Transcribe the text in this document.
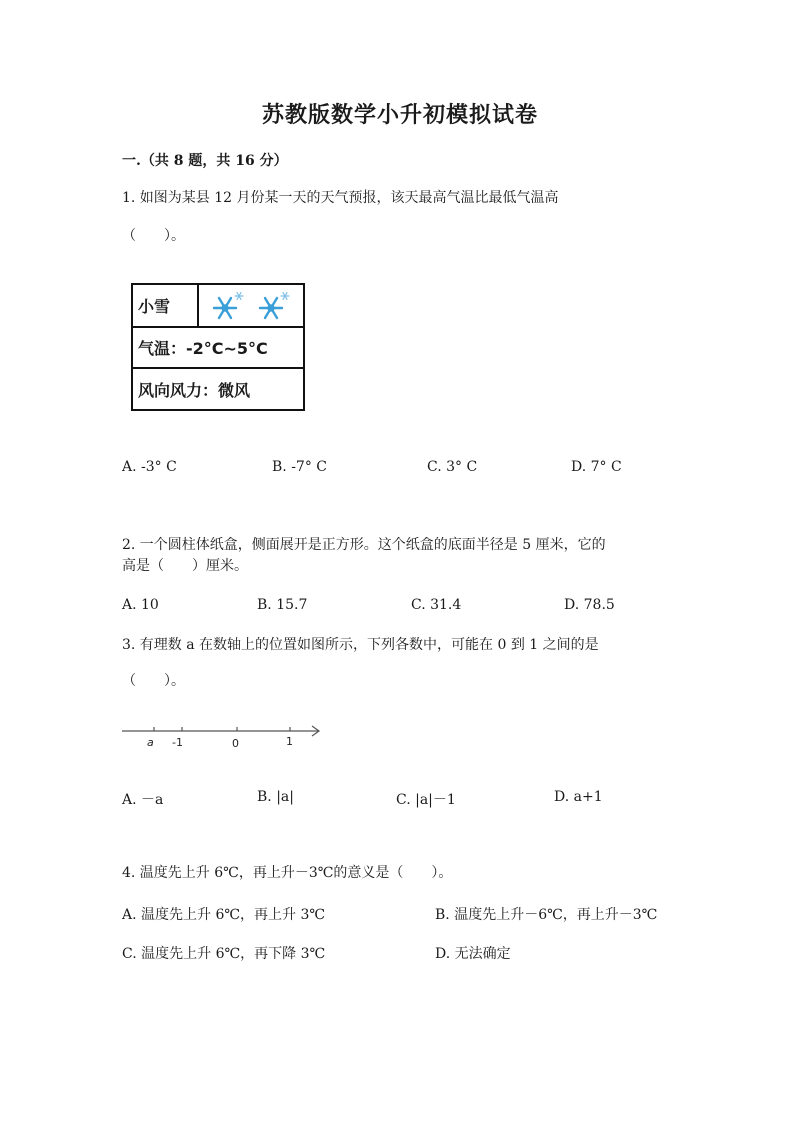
苏教版数学小升初模拟试卷
一.（共 8 题，共 16 分）
1. 如图为某县 12 月份某一天的天气预报，该天最高气温比最低气温高
（　　）。
小雪
气温：-2°C~5°C
风向风力：微风
A. -3° C	B. -7° C	C. 3° C	D. 7° C
2. 一个圆柱体纸盒，侧面展开是正方形。这个纸盒的底面半径是 5 厘米，它的
高是（　　）厘米。
A. 10	B. 15.7	C. 31.4	D. 78.5
3. 有理数 a 在数轴上的位置如图所示，下列各数中，可能在 0 到 1 之间的是
（　　）。
a -1	0	1
A. －a	B. |a|	C. |a|－1	D. a+1
4. 温度先上升 6℃，再上升－3℃的意义是（　　）。
A. 温度先上升 6℃，再上升 3℃	B. 温度先上升－6℃，再上升－3℃
C. 温度先上升 6℃，再下降 3℃	D. 无法确定
